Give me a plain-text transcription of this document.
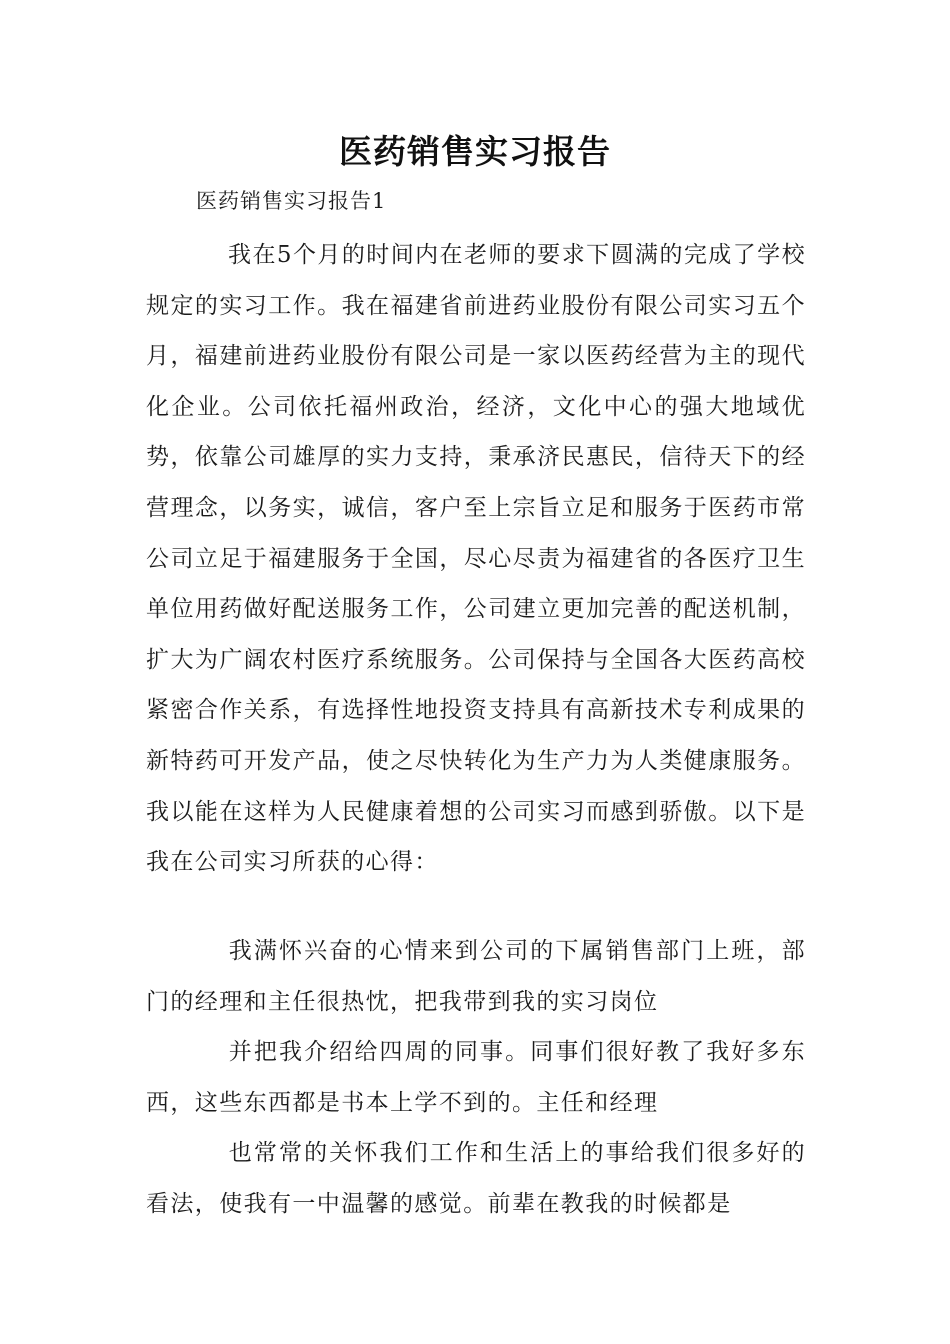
医药销售实习报告
医药销售实习报告1

我在5个月的时间内在老师的要求下圆满的完成了学校规定的实习工作。我在福建省前进药业股份有限公司实习五个月，福建前进药业股份有限公司是一家以医药经营为主的现代化企业。公司依托福州政治，经济，文化中心的强大地域优势，依靠公司雄厚的实力支持，秉承济民惠民，信待天下的经营理念，以务实，诚信，客户至上宗旨立足和服务于医药市常公司立足于福建服务于全国，尽心尽责为福建省的各医疗卫生单位用药做好配送服务工作，公司建立更加完善的配送机制，扩大为广阔农村医疗系统服务。公司保持与全国各大医药高校紧密合作关系，有选择性地投资支持具有高新技术专利成果的新特药可开发产品，使之尽快转化为生产力为人类健康服务。我以能在这样为人民健康着想的公司实习而感到骄傲。以下是我在公司实习所获的心得：

我满怀兴奋的心情来到公司的下属销售部门上班，部门的经理和主任很热忱，把我带到我的实习岗位

并把我介绍给四周的同事。同事们很好教了我好多东西，这些东西都是书本上学不到的。主任和经理

也常常的关怀我们工作和生活上的事给我们很多好的看法，使我有一中温馨的感觉。前辈在教我的时候都是
